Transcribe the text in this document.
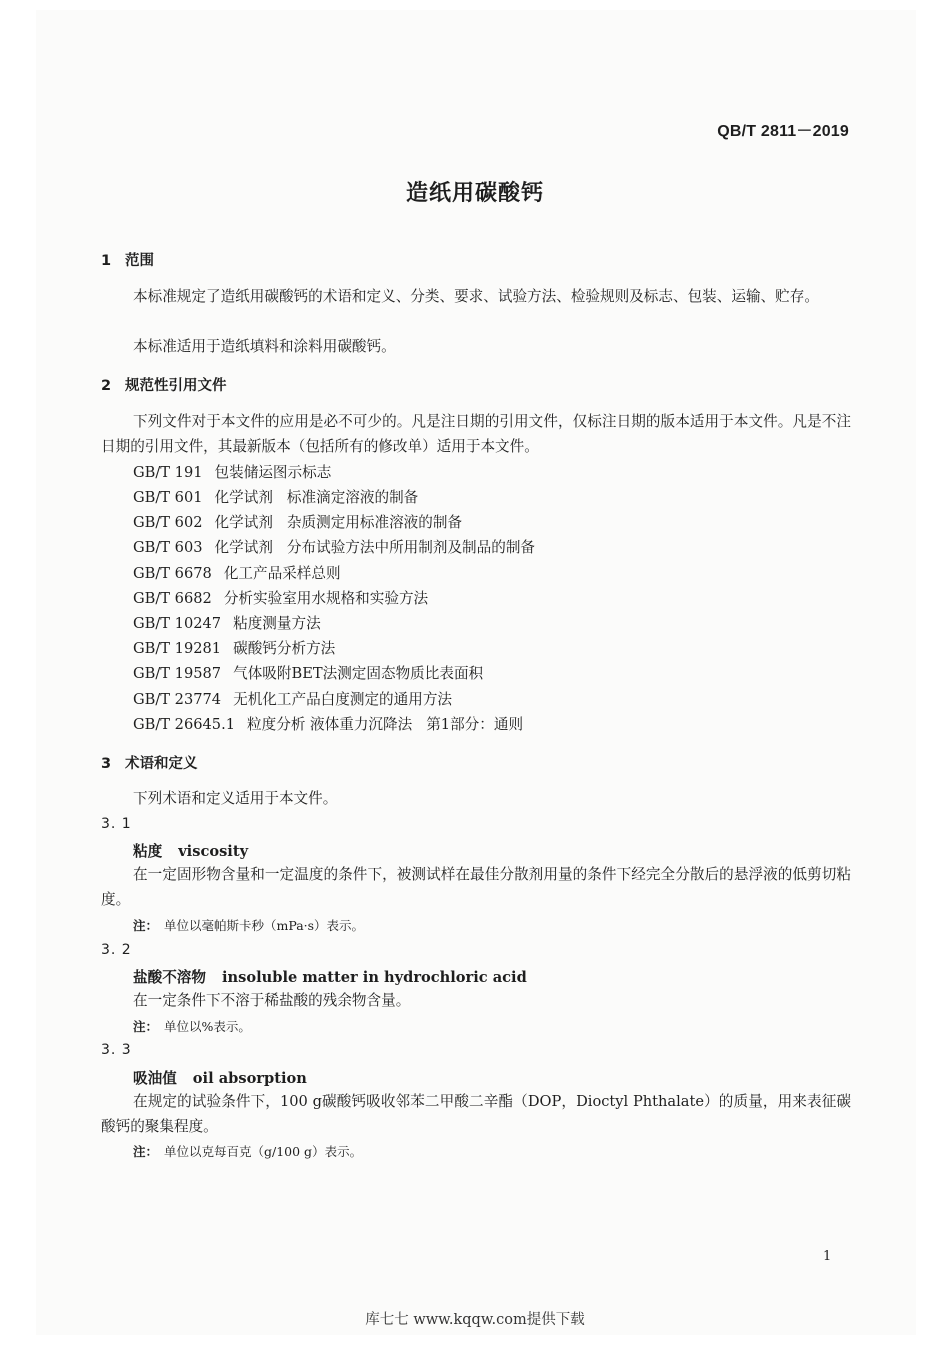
QB/T 2811－2019
造纸用碳酸钙
1 范围
本标准规定了造纸用碳酸钙的术语和定义、分类、要求、试验方法、检验规则及标志、包装、运输、贮存。
本标准适用于造纸填料和涂料用碳酸钙。
2 规范性引用文件
下列文件对于本文件的应用是必不可少的。凡是注日期的引用文件，仅标注日期的版本适用于本文件。凡是不注日期的引用文件，其最新版本（包括所有的修改单）适用于本文件。
GB/T 191 包装储运图示标志
GB/T 601 化学试剂 标准滴定溶液的制备
GB/T 602 化学试剂 杂质测定用标准溶液的制备
GB/T 603 化学试剂 分布试验方法中所用制剂及制品的制备
GB/T 6678 化工产品采样总则
GB/T 6682 分析实验室用水规格和实验方法
GB/T 10247 粘度测量方法
GB/T 19281 碳酸钙分析方法
GB/T 19587 气体吸附BET法测定固态物质比表面积
GB/T 23774 无机化工产品白度测定的通用方法
GB/T 26645.1 粒度分析 液体重力沉降法 第1部分：通则
3 术语和定义
下列术语和定义适用于本文件。
3. 1
粘度 viscosity
在一定固形物含量和一定温度的条件下，被测试样在最佳分散剂用量的条件下经完全分散后的悬浮液的低剪切粘度。
注： 单位以毫帕斯卡秒（mPa·s）表示。
3. 2
盐酸不溶物 insoluble matter in hydrochloric acid
在一定条件下不溶于稀盐酸的残余物含量。
注： 单位以%表示。
3. 3
吸油值 oil absorption
在规定的试验条件下，100 g碳酸钙吸收邻苯二甲酸二辛酯（DOP，Dioctyl Phthalate）的质量，用来表征碳酸钙的聚集程度。
注： 单位以克每百克（g/100 g）表示。
1
库七七 www.kqqw.com提供下载
